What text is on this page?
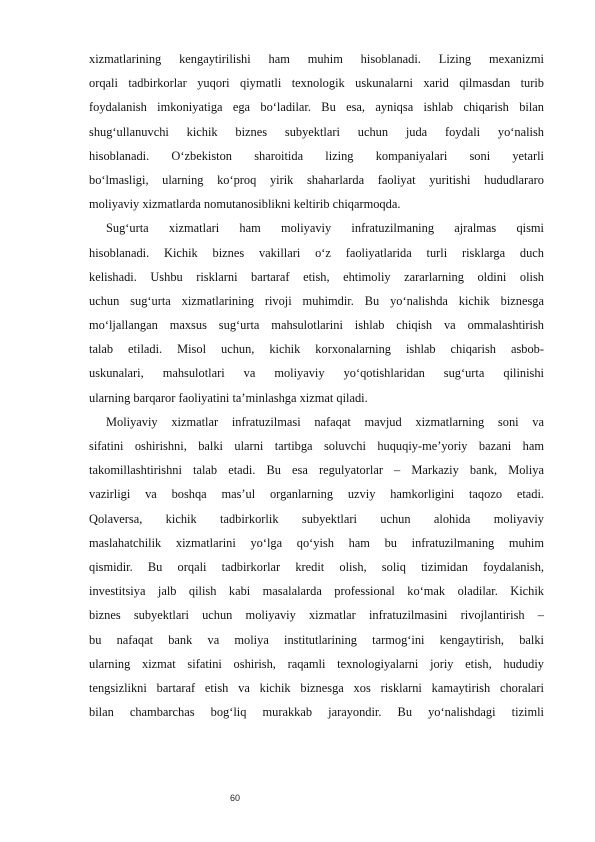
xizmatlarining kengaytirilishi ham muhim hisoblanadi. Lizing mexanizmi
orqali tadbirkorlar yuqori qiymatli texnologik uskunalarni xarid qilmasdan turib
foydalanish imkoniyatiga ega bo‘ladilar. Bu esa, ayniqsa ishlab chiqarish bilan
shug‘ullanuvchi kichik biznes subyektlari uchun juda foydali yo‘nalish
hisoblanadi. O‘zbekiston sharoitida lizing kompaniyalari soni yetarli
bo‘lmasligi, ularning ko‘proq yirik shaharlarda faoliyat yuritishi hududlararo
moliyaviy xizmatlarda nomutanosiblikni keltirib chiqarmoqda.
Sug‘urta xizmatlari ham moliyaviy infratuzilmaning ajralmas qismi
hisoblanadi. Kichik biznes vakillari o‘z faoliyatlarida turli risklarga duch
kelishadi. Ushbu risklarni bartaraf etish, ehtimoliy zararlarning oldini olish
uchun sug‘urta xizmatlarining rivoji muhimdir. Bu yo‘nalishda kichik biznesga
mo‘ljallangan maxsus sug‘urta mahsulotlarini ishlab chiqish va ommalashtirish
talab etiladi. Misol uchun, kichik korxonalarning ishlab chiqarish asbob-
uskunalari, mahsulotlari va moliyaviy yo‘qotishlaridan sug‘urta qilinishi
ularning barqaror faoliyatini ta’minlashga xizmat qiladi.
Moliyaviy xizmatlar infratuzilmasi nafaqat mavjud xizmatlarning soni va
sifatini oshirishni, balki ularni tartibga soluvchi huquqiy-me’yoriy bazani ham
takomillashtirishni talab etadi. Bu esa regulyatorlar – Markaziy bank, Moliya
vazirligi va boshqa mas’ul organlarning uzviy hamkorligini taqozo etadi.
Qolaversa, kichik tadbirkorlik subyektlari uchun alohida moliyaviy
maslahatchilik xizmatlarini yo‘lga qo‘yish ham bu infratuzilmaning muhim
qismidir. Bu orqali tadbirkorlar kredit olish, soliq tizimidan foydalanish,
investitsiya jalb qilish kabi masalalarda professional ko‘mak oladilar. Kichik
biznes subyektlari uchun moliyaviy xizmatlar infratuzilmasini rivojlantirish –
bu nafaqat bank va moliya institutlarining tarmog‘ini kengaytirish, balki
ularning xizmat sifatini oshirish, raqamli texnologiyalarni joriy etish, hududiy
tengsizlikni bartaraf etish va kichik biznesga xos risklarni kamaytirish choralari
bilan chambarchas bog‘liq murakkab jarayondir. Bu yo‘nalishdagi tizimli
60
